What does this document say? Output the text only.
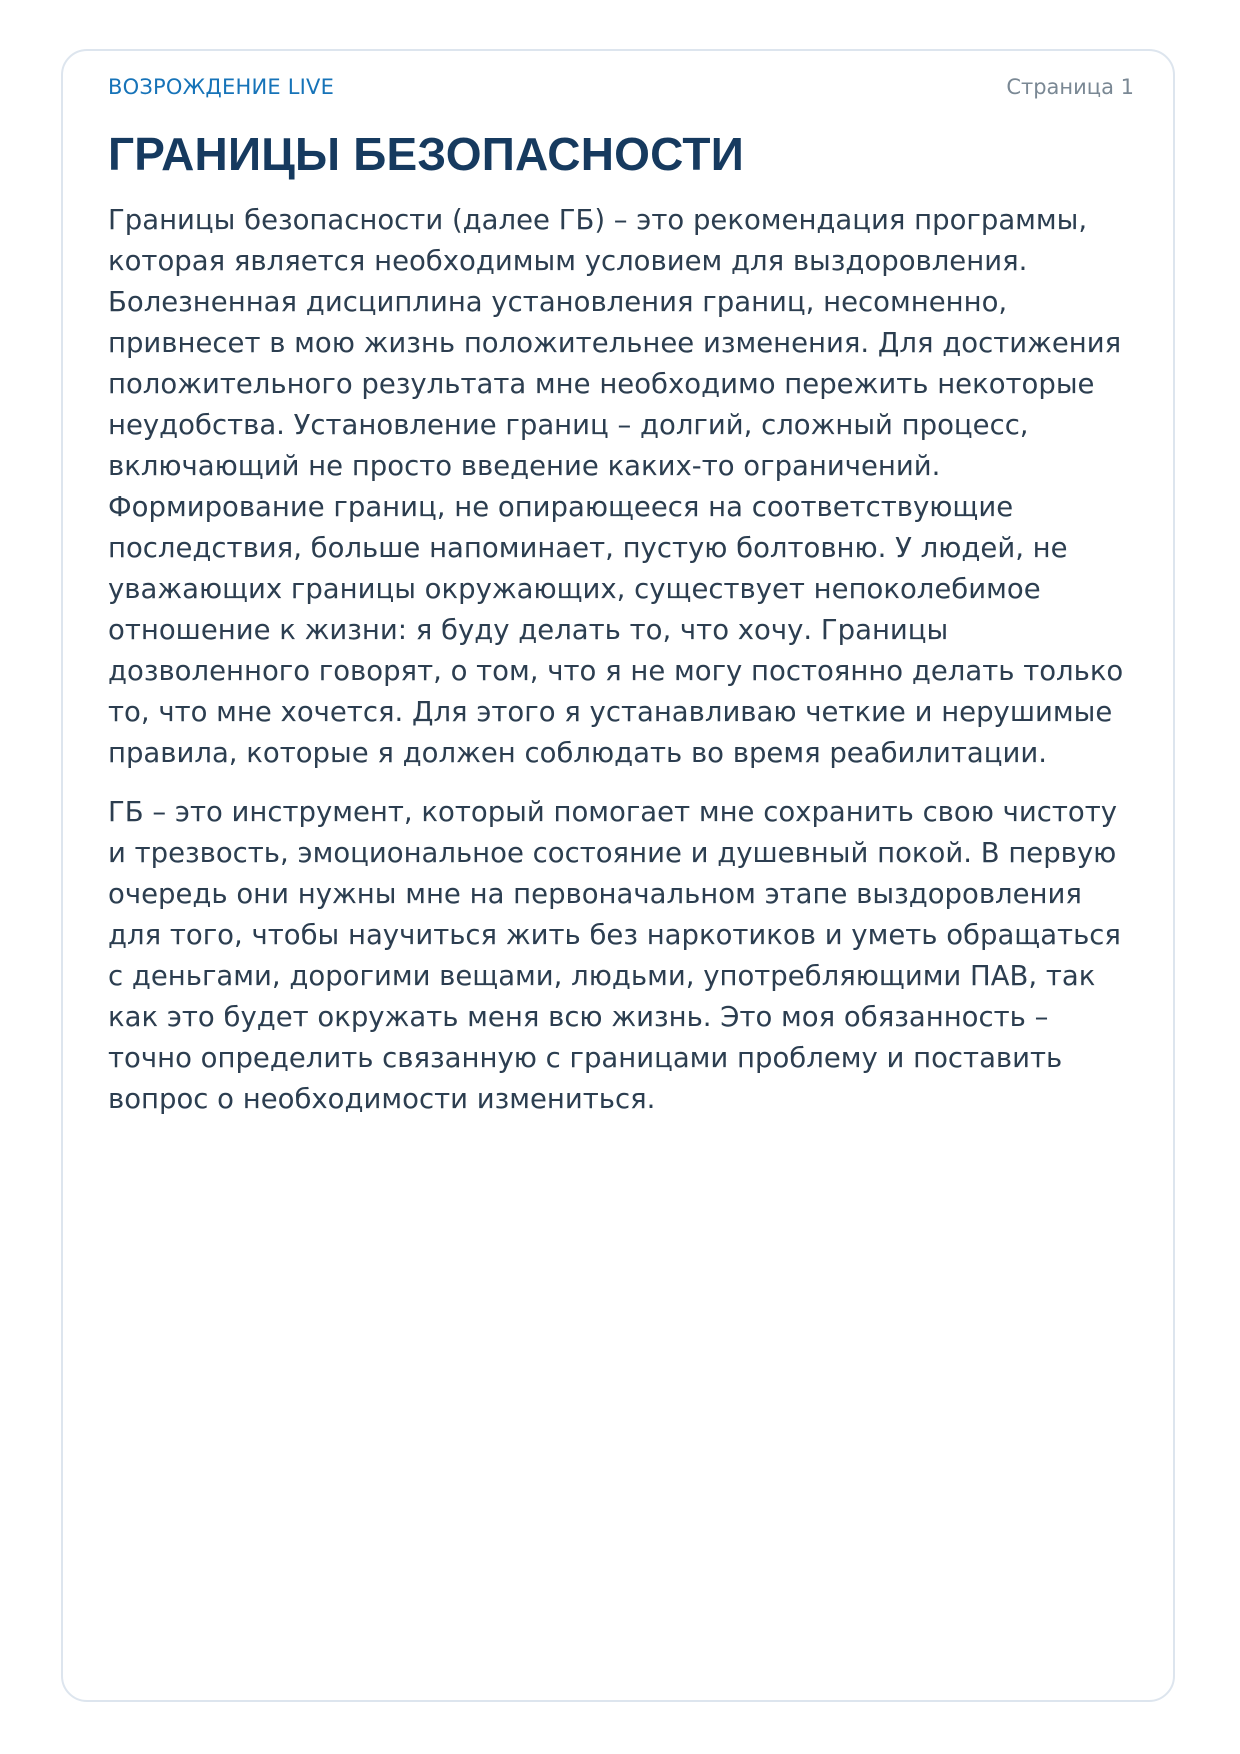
ВОЗРОЖДЕНИЕ LIVE	Страница 1
ГРАНИЦЫ БЕЗОПАСНОСТИ

Границы безопасности (далее ГБ) – это рекомендация программы, которая является необходимым условием для выздоровления. Болезненная дисциплина установления границ, несомненно, привнесет в мою жизнь положительнее изменения. Для достижения положительного результата мне необходимо пережить некоторые неудобства. Установление границ – долгий, сложный процесс, включающий не просто введение каких-то ограничений. Формирование границ, не опирающееся на соответствующие последствия, больше напоминает, пустую болтовню. У людей, не уважающих границы окружающих, существует непоколебимое отношение к жизни: я буду делать то, что хочу. Границы дозволенного говорят, о том, что я не могу постоянно делать только то, что мне хочется. Для этого я устанавливаю четкие и нерушимые правила, которые я должен соблюдать во время реабилитации.

ГБ – это инструмент, который помогает мне сохранить свою чистоту и трезвость, эмоциональное состояние и душевный покой. В первую очередь они нужны мне на первоначальном этапе выздоровления для того, чтобы научиться жить без наркотиков и уметь обращаться с деньгами, дорогими вещами, людьми, употребляющими ПАВ, так как это будет окружать меня всю жизнь. Это моя обязанность – точно определить связанную с границами проблему и поставить вопрос о необходимости измениться.
